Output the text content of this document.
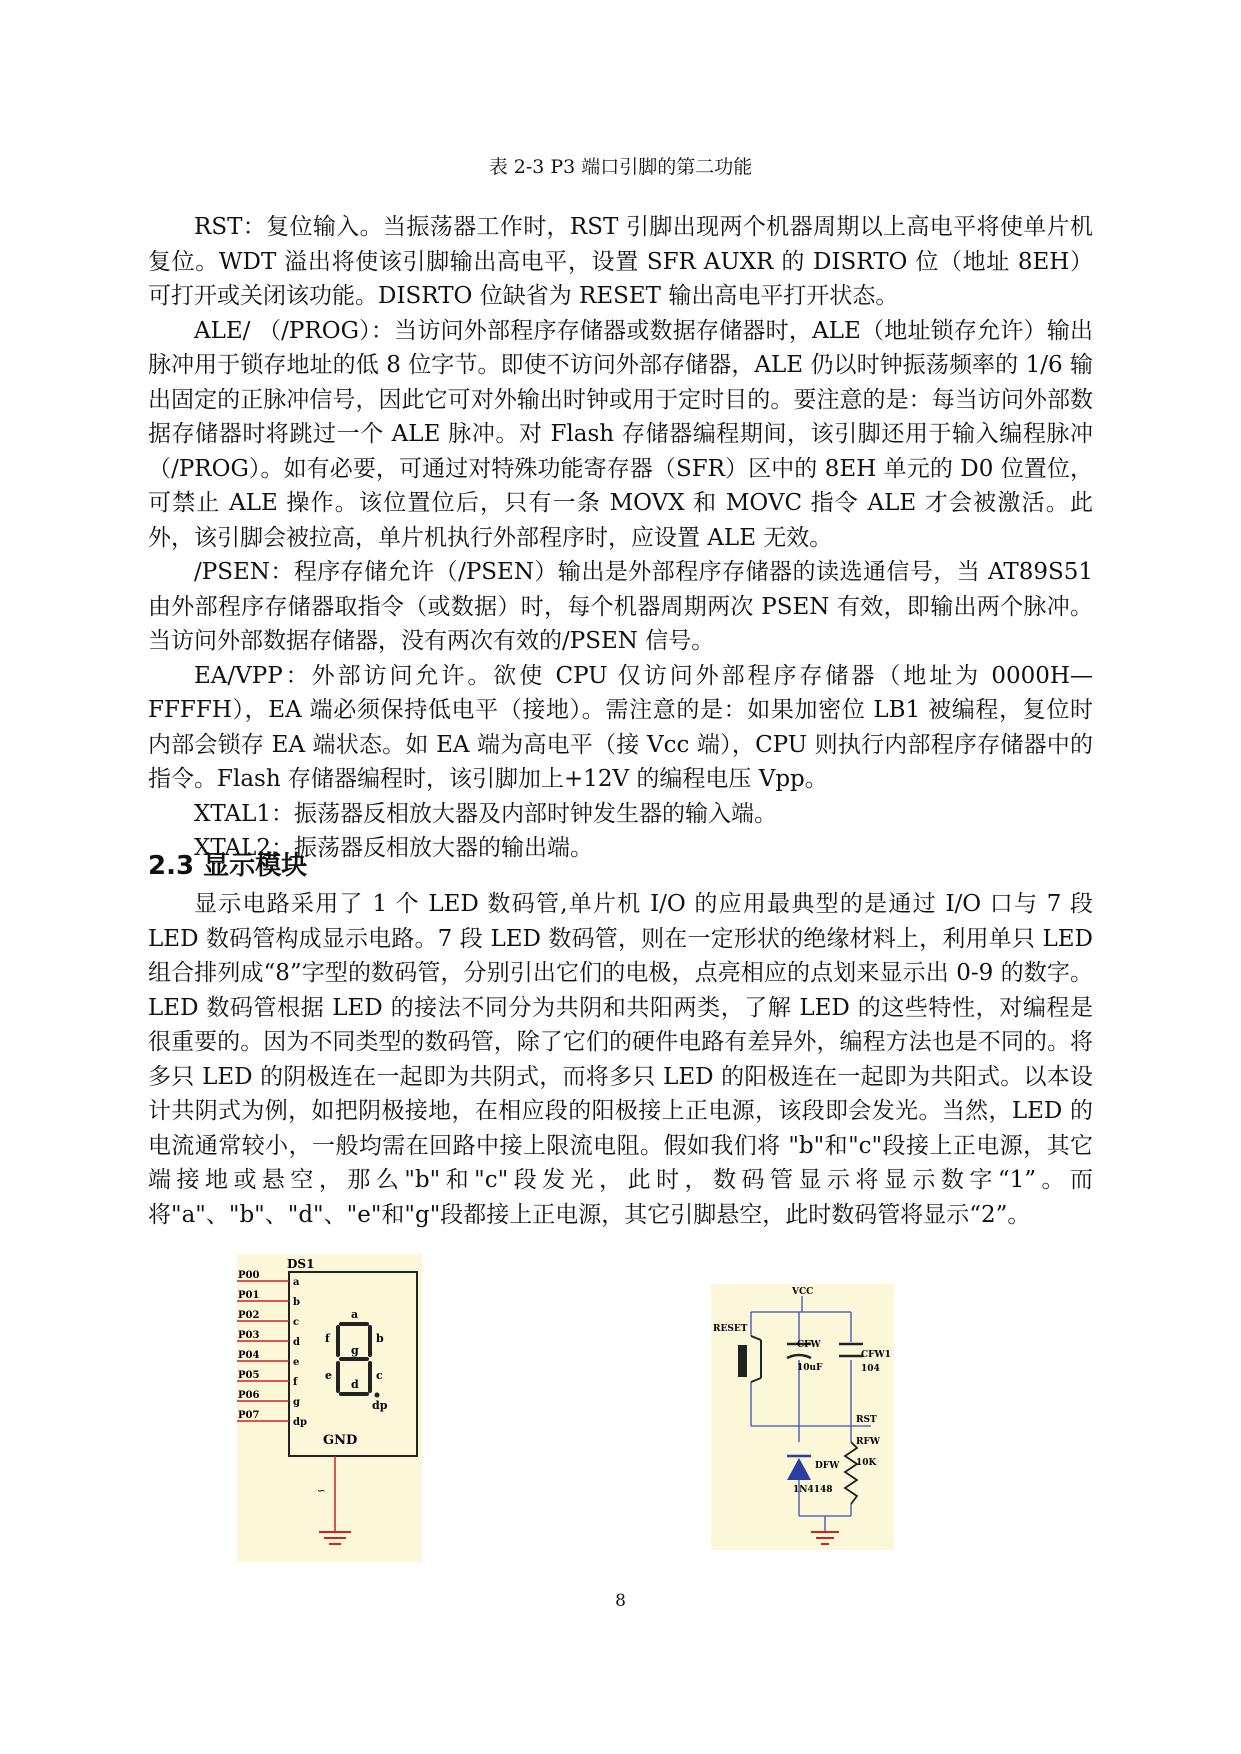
表 2-3 P3 端口引脚的第二功能

RST：复位输入。当振荡器工作时，RST 引脚出现两个机器周期以上高电平将使单片机复位。WDT 溢出将使该引脚输出高电平，设置 SFR AUXR 的 DISRTO 位（地址 8EH）可打开或关闭该功能。DISRTO 位缺省为 RESET 输出高电平打开状态。

ALE/ （/PROG）：当访问外部程序存储器或数据存储器时，ALE（地址锁存允许）输出脉冲用于锁存地址的低 8 位字节。即使不访问外部存储器，ALE 仍以时钟振荡频率的 1/6 输出固定的正脉冲信号，因此它可对外输出时钟或用于定时目的。要注意的是：每当访问外部数据存储器时将跳过一个 ALE 脉冲。对 Flash 存储器编程期间，该引脚还用于输入编程脉冲（/PROG）。如有必要，可通过对特殊功能寄存器（SFR）区中的 8EH 单元的 D0 位置位，可禁止 ALE 操作。该位置位后，只有一条 MOVX 和 MOVC 指令 ALE 才会被激活。此外，该引脚会被拉高，单片机执行外部程序时，应设置 ALE 无效。

/PSEN：程序存储允许（/PSEN）输出是外部程序存储器的读选通信号，当 AT89S51 由外部程序存储器取指令（或数据）时，每个机器周期两次 PSEN 有效，即输出两个脉冲。当访问外部数据存储器，没有两次有效的/PSEN 信号。

EA/VPP：外部访问允许。欲使 CPU 仅访问外部程序存储器（地址为 0000H—FFFFH），EA 端必须保持低电平（接地）。需注意的是：如果加密位 LB1 被编程，复位时内部会锁存 EA 端状态。如 EA 端为高电平（接 Vcc 端），CPU 则执行内部程序存储器中的指令。Flash 存储器编程时，该引脚加上+12V 的编程电压 Vpp。

XTAL1：振荡器反相放大器及内部时钟发生器的输入端。

XTAL2：振荡器反相放大器的输出端。

2.3 显示模块

显示电路采用了 1 个 LED 数码管,单片机 I/O 的应用最典型的是通过 I/O 口与 7 段 LED 数码管构成显示电路。7 段 LED 数码管，则在一定形状的绝缘材料上，利用单只 LED 组合排列成“8”字型的数码管，分别引出它们的电极，点亮相应的点划来显示出 0-9 的数字。LED 数码管根据 LED 的接法不同分为共阴和共阳两类，了解 LED 的这些特性，对编程是很重要的。因为不同类型的数码管，除了它们的硬件电路有差异外，编程方法也是不同的。将多只 LED 的阴极连在一起即为共阴式，而将多只 LED 的阳极连在一起即为共阳式。以本设计共阴式为例，如把阴极接地，在相应段的阳极接上正电源，该段即会发光。当然，LED 的电流通常较小，一般均需在回路中接上限流电阻。假如我们将 "b"和"c"段接上正电源，其它端接地或悬空，那么"b"和"c"段发光，此时，数码管显示将显示数字“1”。而将"a"、"b"、"d"、"e"和"g"段都接上正电源，其它引脚悬空，此时数码管将显示“2”。

DS1
P00
a
P01
b
P02
c
P03
d
P04
e
P05
f
P06
g
P07
dp
a
b
c
d
e
f
g
dp
GND
∽
VCC
RESET
CFW
10uF
CFW1
104
RST
RFW
10K
DFW
1N4148
8
